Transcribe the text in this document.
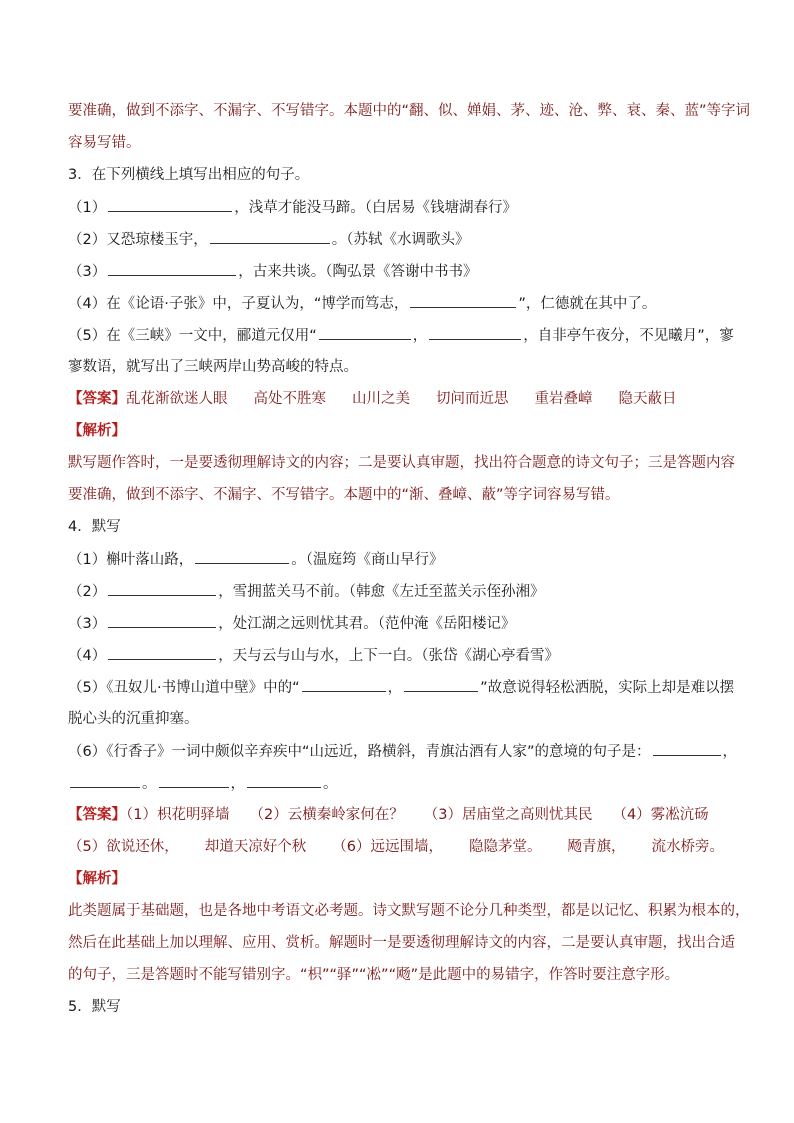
要准确，做到不添字、不漏字、不写错字。本题中的“翻、似、婵娟、茅、迹、沧、弊、衰、秦、蓝”等字词
容易写错。
3．在下列横线上填写出相应的句子。
（1）	，浅草才能没马蹄。（白居易《钱塘湖春行》
（2）又恐琼楼玉宇，	。（苏轼《水调歌头》
（3）	，古来共谈。（陶弘景《答谢中书书》
（4）在《论语·子张》中，子夏认为，“博学而笃志，	”，仁德就在其中了。
（5）在《三峡》一文中，郦道元仅用“	，	，自非亭午夜分，不见曦月”，寥
寥数语，就写出了三峡两岸山势高峻的特点。
【答案】乱花渐欲迷人眼 高处不胜寒 山川之美 切问而近思 重岩叠嶂 隐天蔽日
【解析】
默写题作答时，一是要透彻理解诗文的内容；二是要认真审题，找出符合题意的诗文句子；三是答题内容
要准确，做到不添字、不漏字、不写错字。本题中的“渐、叠嶂、蔽”等字词容易写错。
4．默写
（1）槲叶落山路，	。（温庭筠《商山早行》
（2）	，雪拥蓝关马不前。（韩愈《左迁至蓝关示侄孙湘》
（3）	，处江湖之远则忧其君。（范仲淹《岳阳楼记》
（4）	，天与云与山与水，上下一白。（张岱《湖心亭看雪》
（5）《丑奴儿·书博山道中壁》中的“	，	”故意说得轻松洒脱，实际上却是难以摆
脱心头的沉重抑塞。
（6）《行香子》一词中颇似辛弃疾中“山远近，路横斜，青旗沽酒有人家”的意境的句子是：	，
。	，	。
【答案】（1）枳花明驿墙 （2）云横秦岭家何在？ （3）居庙堂之高则忧其民 （4）雾凇沆砀
（5）欲说还休， 却道天凉好个秋 （6）远远围墙， 隐隐茅堂。 飏青旗， 流水桥旁。
【解析】
此类题属于基础题，也是各地中考语文必考题。诗文默写题不论分几种类型，都是以记忆、积累为根本的，
然后在此基础上加以理解、应用、赏析。解题时一是要透彻理解诗文的内容，二是要认真审题，找出合适
的句子，三是答题时不能写错别字。“枳”“驿”“凇”“飏”是此题中的易错字，作答时要注意字形。
5．默写
